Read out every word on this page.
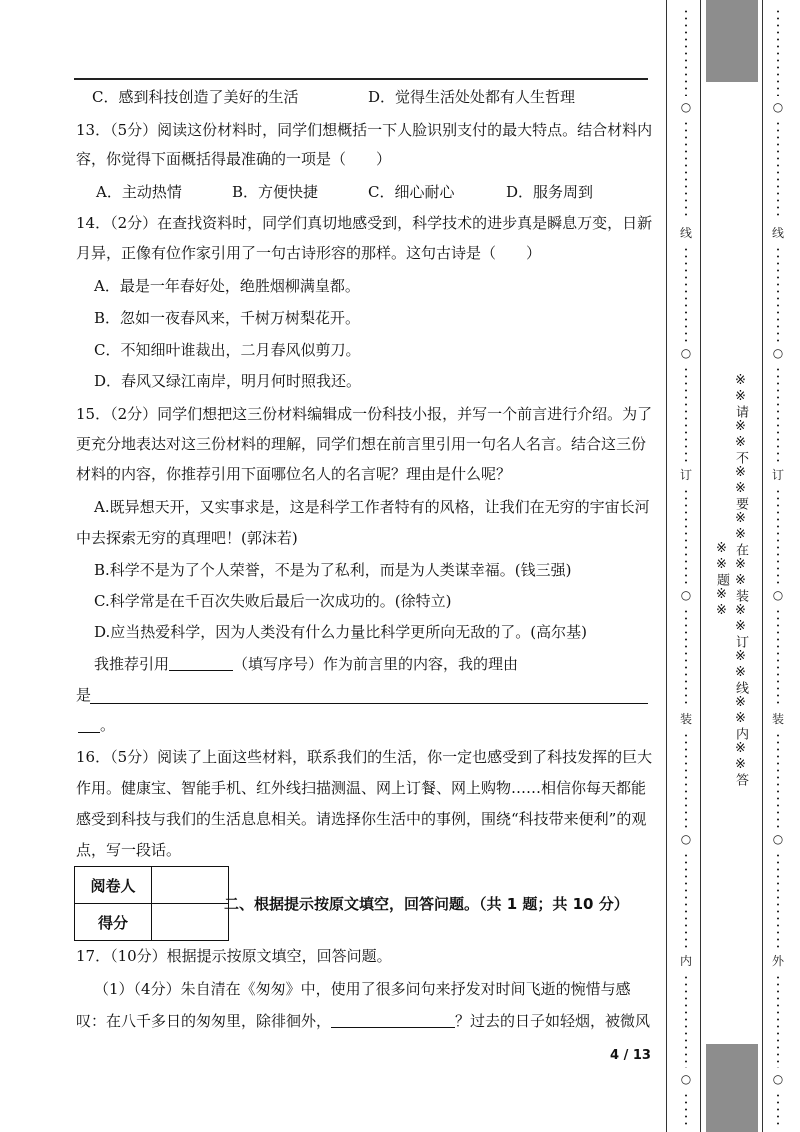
C．感到科技创造了美好的生活	D．觉得生活处处都有人生哲理
13．（5分）阅读这份材料时，同学们想概括一下人脸识别支付的最大特点。结合材料内
容，你觉得下面概括得最准确的一项是（　　）
A．主动热情	B．方便快捷	C．细心耐心	D．服务周到
14．（2分）在查找资料时，同学们真切地感受到，科学技术的进步真是瞬息万变，日新
月异，正像有位作家引用了一句古诗形容的那样。这句古诗是（　　）
A．最是一年春好处，绝胜烟柳满皇都。
B．忽如一夜春风来，千树万树梨花开。
C．不知细叶谁裁出，二月春风似剪刀。
D．春风又绿江南岸，明月何时照我还。
15．（2分）同学们想把这三份材料编辑成一份科技小报，并写一个前言进行介绍。为了
更充分地表达对这三份材料的理解，同学们想在前言里引用一句名人名言。结合这三份
材料的内容，你推荐引用下面哪位名人的名言呢？理由是什么呢？
A.既异想天开，又实事求是，这是科学工作者特有的风格，让我们在无穷的宇宙长河
中去探索无穷的真理吧！(郭沫若)
B.科学不是为了个人荣誉，不是为了私利，而是为人类谋幸福。(钱三强)
C.科学常是在千百次失败后最后一次成功的。(徐特立)
D.应当热爱科学，因为人类没有什么力量比科学更所向无敌的了。(高尔基)
我推荐引用	（填写序号）作为前言里的内容，我的理由
是
。
16．（5分）阅读了上面这些材料，联系我们的生活，你一定也感受到了科技发挥的巨大
作用。健康宝、智能手机、红外线扫描测温、网上订餐、网上购物……相信你每天都能
感受到科技与我们的生活息息相关。请选择你生活中的事例，围绕“科技带来便利”的观
点，写一段话。
阅卷人	
得分	
二、根据提示按原文填空，回答问题。（共 1 题；共 10 分）
17．（10分）根据提示按原文填空，回答问题。
（1）（4分）朱自清在《匆匆》中，使用了很多问句来抒发对时间飞逝的惋惜与感
叹：在八千多日的匆匆里，除徘徊外，	？过去的日子如轻烟，被微风
4 / 13
※※请※※不※※要※※在※※装※※订※※线※※内※※答※※题※※
○
线
○
订
○
装
○
内
○
○
线
○
订
○
装
○
外
○
